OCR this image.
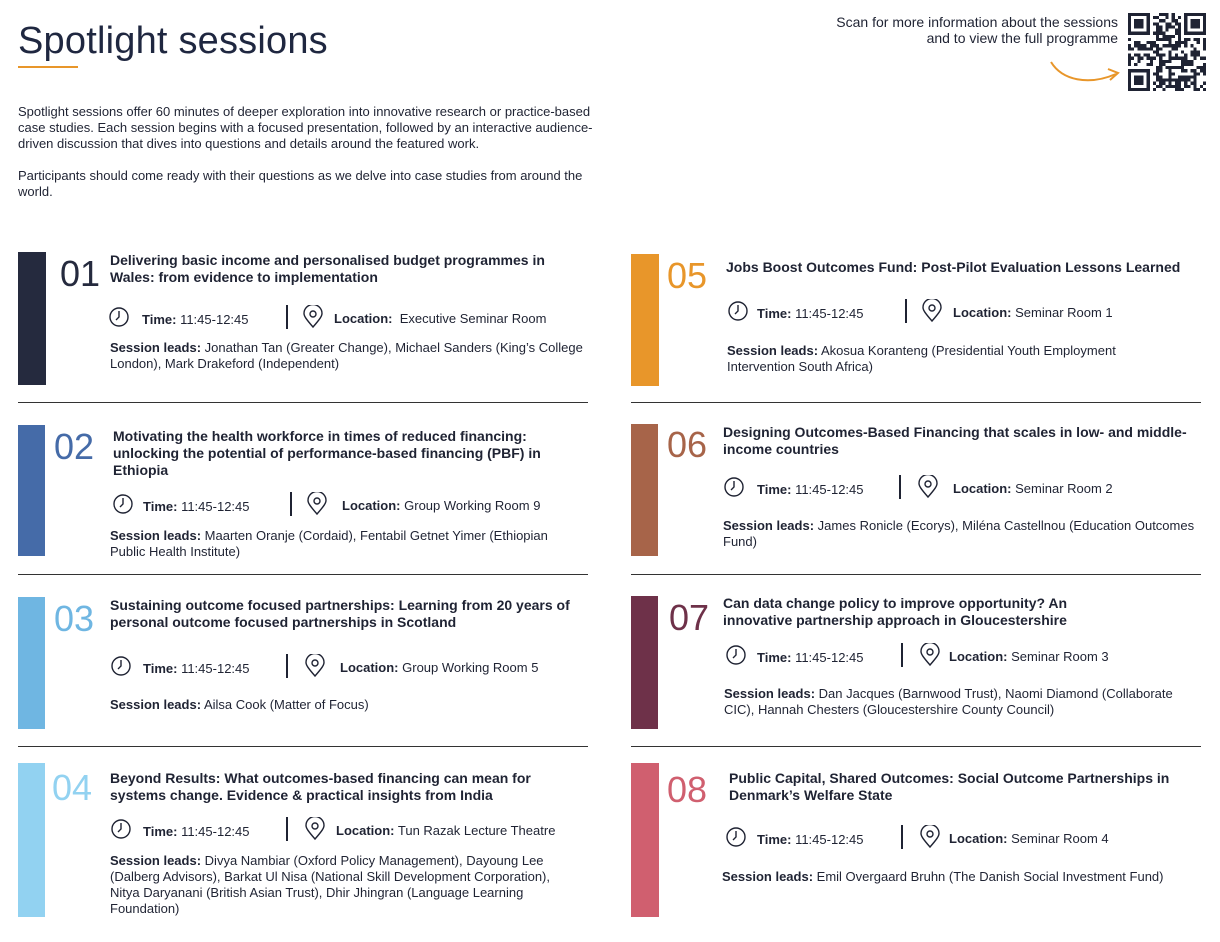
Spotlight sessions

Spotlight sessions offer 60 minutes of deeper exploration into innovative research or practice-based case studies. Each session begins with a focused presentation, followed by an interactive audience-driven discussion that dives into questions and details around the featured work.

Participants should come ready with their questions as we delve into case studies from around the world.

Scan for more information about the sessions and to view the full programme
01 Delivering basic income and personalised budget programmes in Wales: from evidence to implementation
Time: 11:45-12:45	Location: Executive Seminar Room
Session leads: Jonathan Tan (Greater Change), Michael Sanders (King’s College London), Mark Drakeford (Independent)
02 Motivating the health workforce in times of reduced financing: unlocking the potential of performance-based financing (PBF) in Ethiopia
Time: 11:45-12:45	Location: Group Working Room 9
Session leads: Maarten Oranje (Cordaid), Fentabil Getnet Yimer (Ethiopian Public Health Institute)
03 Sustaining outcome focused partnerships: Learning from 20 years of personal outcome focused partnerships in Scotland
Time: 11:45-12:45	Location: Group Working Room 5
Session leads: Ailsa Cook (Matter of Focus)
04 Beyond Results: What outcomes-based financing can mean for systems change. Evidence & practical insights from India
Time: 11:45-12:45	Location: Tun Razak Lecture Theatre
Session leads: Divya Nambiar (Oxford Policy Management), Dayoung Lee (Dalberg Advisors), Barkat Ul Nisa (National Skill Development Corporation), Nitya Daryanani (British Asian Trust), Dhir Jhingran (Language Learning Foundation)
05 Jobs Boost Outcomes Fund: Post-Pilot Evaluation Lessons Learned
Time: 11:45-12:45	Location: Seminar Room 1
Session leads: Akosua Koranteng (Presidential Youth Employment Intervention South Africa)
06 Designing Outcomes-Based Financing that scales in low- and middle-income countries
Time: 11:45-12:45	Location: Seminar Room 2
Session leads: James Ronicle (Ecorys), Miléna Castellnou (Education Outcomes Fund)
07 Can data change policy to improve opportunity? An innovative partnership approach in Gloucestershire
Time: 11:45-12:45	Location: Seminar Room 3
Session leads: Dan Jacques (Barnwood Trust), Naomi Diamond (Collaborate CIC), Hannah Chesters (Gloucestershire County Council)
08 Public Capital, Shared Outcomes: Social Outcome Partnerships in Denmark’s Welfare State
Time: 11:45-12:45	Location: Seminar Room 4
Session leads: Emil Overgaard Bruhn (The Danish Social Investment Fund)
